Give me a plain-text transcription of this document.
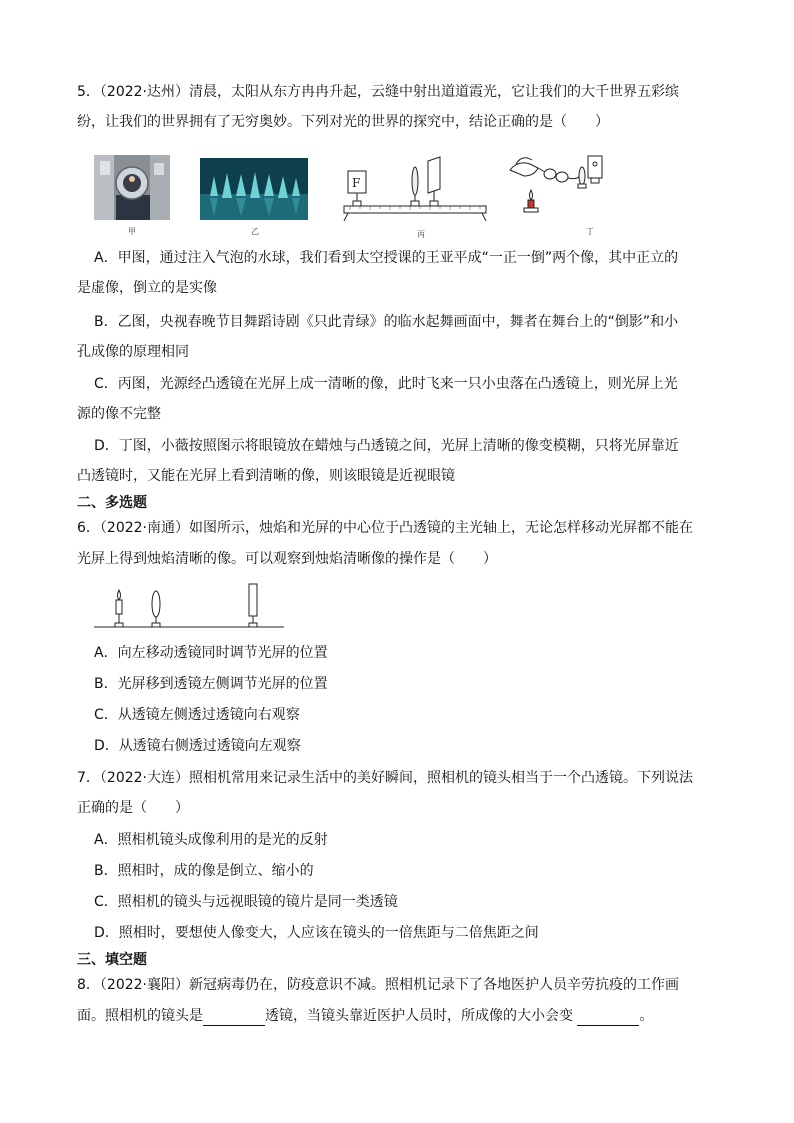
5．（2022·达州）清晨，太阳从东方冉冉升起，云缝中射出道道霞光，它让我们的大千世界五彩缤
纷，让我们的世界拥有了无穷奥妙。下列对光的世界的探究中，结论正确的是（　　）
甲	乙
F
丙	丁
A．甲图，通过注入气泡的水球，我们看到太空授课的王亚平成“一正一倒”两个像，其中正立的
是虚像，倒立的是实像
B．乙图，央视春晚节目舞蹈诗剧《只此青绿》的临水起舞画面中，舞者在舞台上的“倒影”和小
孔成像的原理相同
C．丙图，光源经凸透镜在光屏上成一清晰的像，此时飞来一只小虫落在凸透镜上，则光屏上光
源的像不完整
D．丁图，小薇按照图示将眼镜放在蜡烛与凸透镜之间，光屏上清晰的像变模糊，只将光屏靠近
凸透镜时，又能在光屏上看到清晰的像，则该眼镜是近视眼镜
二、多选题
6．（2022·南通）如图所示，烛焰和光屏的中心位于凸透镜的主光轴上，无论怎样移动光屏都不能在
光屏上得到烛焰清晰的像。可以观察到烛焰清晰像的操作是（　　）
A．向左移动透镜同时调节光屏的位置
B．光屏移到透镜左侧调节光屏的位置
C．从透镜左侧透过透镜向右观察
D．从透镜右侧透过透镜向左观察
7．（2022·大连）照相机常用来记录生活中的美好瞬间，照相机的镜头相当于一个凸透镜。下列说法
正确的是（　　）
A．照相机镜头成像利用的是光的反射
B．照相时，成的像是倒立、缩小的
C．照相机的镜头与远视眼镜的镜片是同一类透镜
D．照相时，要想使人像变大，人应该在镜头的一倍焦距与二倍焦距之间
三、填空题
8．（2022·襄阳）新冠病毒仍在，防疫意识不减。照相机记录下了各地医护人员辛劳抗疫的工作画
面。照相机的镜头是	透镜，当镜头靠近医护人员时，所成像的大小会变	。
